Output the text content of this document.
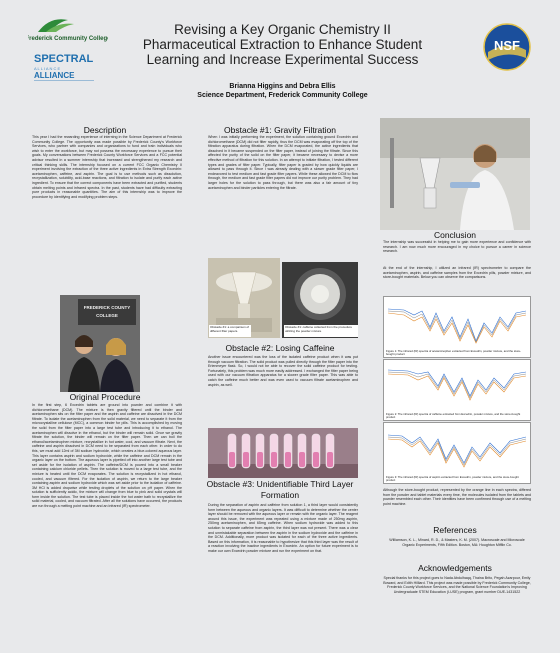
Frederick Community College
SPECTRAL
A L L I A N C E
ALLIANCE
NSF
Revising a Key Organic Chemistry II Pharmaceutical Extraction to Enhance Student Learning and Increase Experimental Success
Brianna Higgins and Debra Ellis
Science Department, Frederick Community College
Description
This year I had the rewarding experience of interning in the Science Department at Frederick Community College. The opportunity was made possible by Frederick County's Workforce Services, who partner with companies and organizations to fund and train individuals who wish to enter the workforce, but may not possess the necessary experience to pursue their goals. My conversations between Frederick County Workforce Services and a FCC potential advisor resulted in a summer internship that increased and strengthened my research and critical thinking skills. The internship focused on a current FCC Organic Chemistry II experiment involving the extraction of the three active ingredients in Extra Strength Excedrin: acetaminophen, caffeine, and aspirin. The goal is to use methods such as dissolution, recrystallization, solubility, acid-base reactions, and filtration to isolate and purify each active ingredient. To ensure that the correct components have been extracted and purified, students obtain melting points and infrared spectra. In the past, students have had difficulty extracting pure products in reasonable quantities. The aim of this internship was to improve the procedure by identifying and modifying problem steps.
FREDERICK COUNTY
COLLEGE
Original Procedure
In the first step, 6 Excedrin tablets are ground into powder and combine it with dichloromethane (DCM). The mixture is then gravity filtered until the binder and acetaminophen sits on the filter paper and the aspirin and caffeine are dissolved in the DCM filtrate. To isolate the acetaminophen from the solid material, we need to separate it from the microcrystalline cellulose (MCC), a common binder for pills. This is accomplished by moving the solid from the filter paper into a large test tube and introducing it to ethanol. The acetaminophen will dissolve in the ethanol, but the binder will remain solid. Once we gravity filtrate the solution, the binder will remain on the filter paper. Then we can boil the ethanol/acetaminophen mixture, recrystallize in hot water, cool, and vacuum filtrate. Next, the caffeine and aspirin dissolved in DCM need to be separated from each other. In order to do this, we must add 12ml of 3M sodium hydroxide, which creates a blue-colored aqueous layer. This layer contains aspirin and sodium hydroxide, while the caffeine and DCM remain in the organic layer on the bottom. The aqueous layer is pipetted off into another large test tube and set aside for the isolation of aspirin. The caffeine/DCM is poured into a small beaker containing calcium chloride pellets. Then the solution is moved to a large test tube, and the mixture is heated until the DCM evaporates. The solution is recrystallized in hot ethanol, cooled, and vacuum filtered. For the isolation of aspirin, we return to the large beaker containing aspirin and sodium hydroxide which was set aside prior to the isolation of caffeine. 3M HCl is added dropwise while testing droplets of the solution on pH paper. When the solution is sufficiently acidic, the mixture will change from blue to pink and solid crystals will form inside the solution. The test tube is placed inside the hot water bath to recrystallize the solid material, cooled, and vacuum filtrated. After all the solutions have occurred, the products are run through a melting point machine and an infrared (IR) spectrometer.
Obstacle #1: Gravity Filtration
When I was initially performing the experiment, the solution containing ground Excedrin and dichloromethane (DCM) did not filter rapidly, thus the DCM was evaporating off the top of the filtration apparatus during filtration. When the DCM evaporated, the active ingredients that dissolved in it became suspended on the filter paper, instead of joining the filtrate. Since this affected the purity of the solid on the filter paper, it became necessary to devise a more effective method of filtration for this solution. In an attempt to initiate filtration, I tested different types and grades of filter paper. Typically, filter paper is graded by how quickly liquids are allowed to pass through it. Since I was already dealing with a slower grade filter paper, I endeavored to test medium and fast grade filter papers. While these allowed the DCM to flow through, the medium and fast grade filter papers did not improve our purity problem. They had larger holes for the solution to pass through, but there was also a fair amount of tiny acetaminophen and binder particles entering the filtrate.
Obstacle #1: a comparison of different filter papers.
Obstacle #1: caffeine collected from the procedure utilizing the powder mixture
Obstacle #2: Losing Caffeine
Another issue encountered was the loss of the isolated caffeine product when it was put through vacuum filtration. The solid product was pulled directly through the filter paper into the Erlenmeyer flask. So, I would not be able to recover the solid caffeine product for testing. Fortunately, this problem was much more easily addressed. I exchanged the filter paper being used with our vacuum filtration apparatus for a slower grade filter paper. This was able to catch the caffeine much better and was even used to vacuum filtrate acetaminophen and aspirin, as well.
Obstacle #3: Unidentifiable Third Layer Formation
During the separation of aspirin and caffeine from solution 1, a third layer would consistently form between the aqueous and organic layers. It was difficult to determine whether the center layer should be removed with the aqueous layer or remain with the organic layer. The reagent around this issue, the experiment was repeated using a mixture made of 250mg aspirin, 250mg acetaminophen, and 65mg caffeine. When sodium hydroxide was added to this solution to separate caffeine from aspirin, the third layer was not present. There was a clear and unmistakable separation between the aspirin in the sodium hydroxide and the caffeine in the DCM. Additionally, more product was isolated for each of the three active ingredients. Based on this information, it is reasonable to hypothesize that this third layer was the result of a reaction involving the inactive ingredients in Excedrin. An option for future experiment is to make our own Excedrin powder mixture and run the experiment on that.
Conclusion
The internship was successful in helping me to gain more experience and confidence with research. I am now much more encouraged in my choice to pursue a career in science research.
At the end of the internship, I utilized an infrared (IR) spectrometer to compare the acetaminophen, aspirin, and caffeine samples from the Excedrin pills, powder mixture, and store-bought materials. Below you can observe the comparisons.
Figure 1: The infrared (IR) spectra of acetaminophen extracted from Excedrin, powder mixture, and the store-bought product
Figure 2: The infrared (IR) spectra of caffeine extracted from Excedrin, powder mixture, and the store-bought product
Figure 3: The infrared (IR) spectra of aspirin extracted from Excedrin, powder mixture, and the store-bought product
Although the store-bought product, represented by the orange line in each spectra, differed from the powder and tablet materials every time, the molecules isolated from the tablets and powder resembled each other. Their identities have been confirmed through use of a melting point machine.
References
Williamson, K. L., Minard, R. D., & Masters, K. M. (2007). Macroscale and Microscale Organic Experiments, Fifth Edition. Boston, MA: Houghton Mifflin Co.
Acknowledgements
Special thanks for this project goes to Nada Abdulhaqq, Thaina Brito, Pegah Azarpour, Emily Boward, and Edith Hilliard. This project was made possible by Frederick Community College, Frederick County Workforce Services, and the National Science Foundation's Improving Undergraduate STEM Education (I-USE) program, grant number DUE-1431522
